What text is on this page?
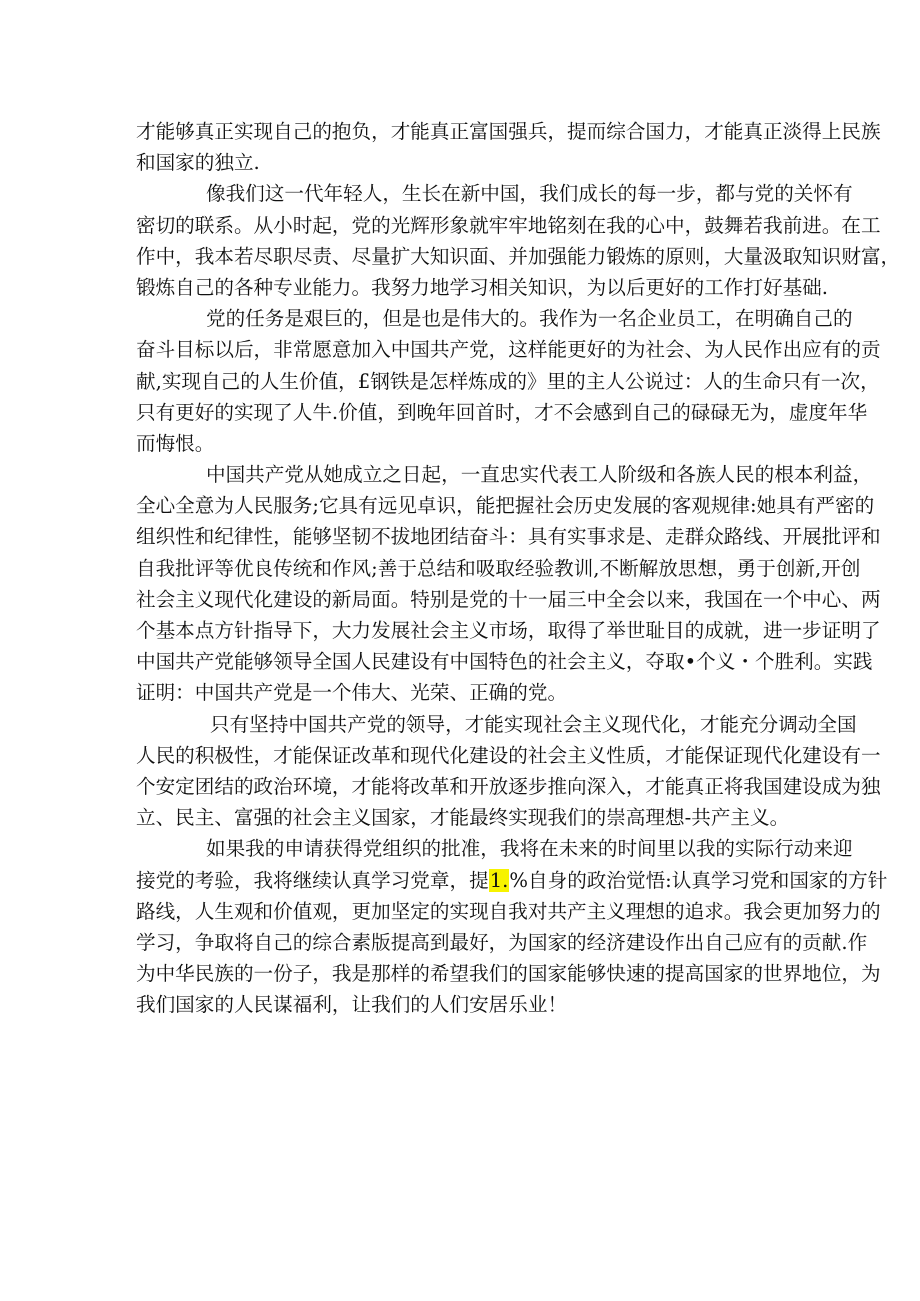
才能够真正实现自己的抱负，才能真正富国强兵，提而综合国力，才能真正淡得上民族
和国家的独立.
像我们这一代年轻人，生长在新中国，我们成长的每一步，都与党的关怀有
密切的联系。从小时起，党的光辉形象就牢牢地铭刻在我的心中，鼓舞若我前进。在工
作中，我本若尽职尽责、尽量扩大知识面、并加强能力锻炼的原则，大量汲取知识财富，
锻炼自己的各种专业能力。我努力地学习相关知识，为以后更好的工作打好基础.
党的任务是艰巨的，但是也是伟大的。我作为一名企业员工，在明确自己的
奋斗目标以后，非常愿意加入中国共产党，这样能更好的为社会、为人民作出应有的贡
献,实现自己的人生价值，£钢铁是怎样炼成的》里的主人公说过：人的生命只有一次，
只有更好的实现了人牛.价值，到晚年回首时，才不会感到自己的碌碌无为，虚度年华
而悔恨。
中国共产党从她成立之日起，一直忠实代表工人阶级和各族人民的根本利益，
全心全意为人民服务;它具有远见卓识，能把握社会历史发展的客观规律:她具有严密的
组织性和纪律性，能够坚韧不拔地团结奋斗：具有实事求是、走群众路线、开展批评和
自我批评等优良传统和作风;善于总结和吸取经验教训,不断解放思想，勇于创新,开创
社会主义现代化建设的新局面。特别是党的十一届三中全会以来，我国在一个中心、两
个基本点方针指导下，大力发展社会主义市场，取得了举世耻目的成就，进一步证明了
中国共产党能够领导全国人民建设有中国特色的社会主义，夺取•个义・个胜利。实践
证明：中国共产党是一个伟大、光荣、正确的党。
只有坚持中国共产党的领导，才能实现社会主义现代化，才能充分调动全国
人民的积极性，才能保证改革和现代化建设的社会主义性质，才能保证现代化建设有一
个安定团结的政治环境，才能将改革和开放逐步推向深入，才能真正将我国建设成为独
立、民主、富强的社会主义国家，才能最终实现我们的崇高理想-共产主义。
如果我的申请获得党组织的批准，我将在未来的时间里以我的实际行动来迎
接党的考验，我将继续认真学习党章，提1.%自身的政治觉悟:认真学习党和国家的方针
路线，人生观和价值观，更加坚定的实现自我对共产主义理想的追求。我会更加努力的
学习，争取将自己的综合素版提高到最好，为国家的经济建设作出自己应有的贡献.作
为中华民族的一份子，我是那样的希望我们的国家能够快速的提高国家的世界地位，为
我们国家的人民谋福利，让我们的人们安居乐业！
